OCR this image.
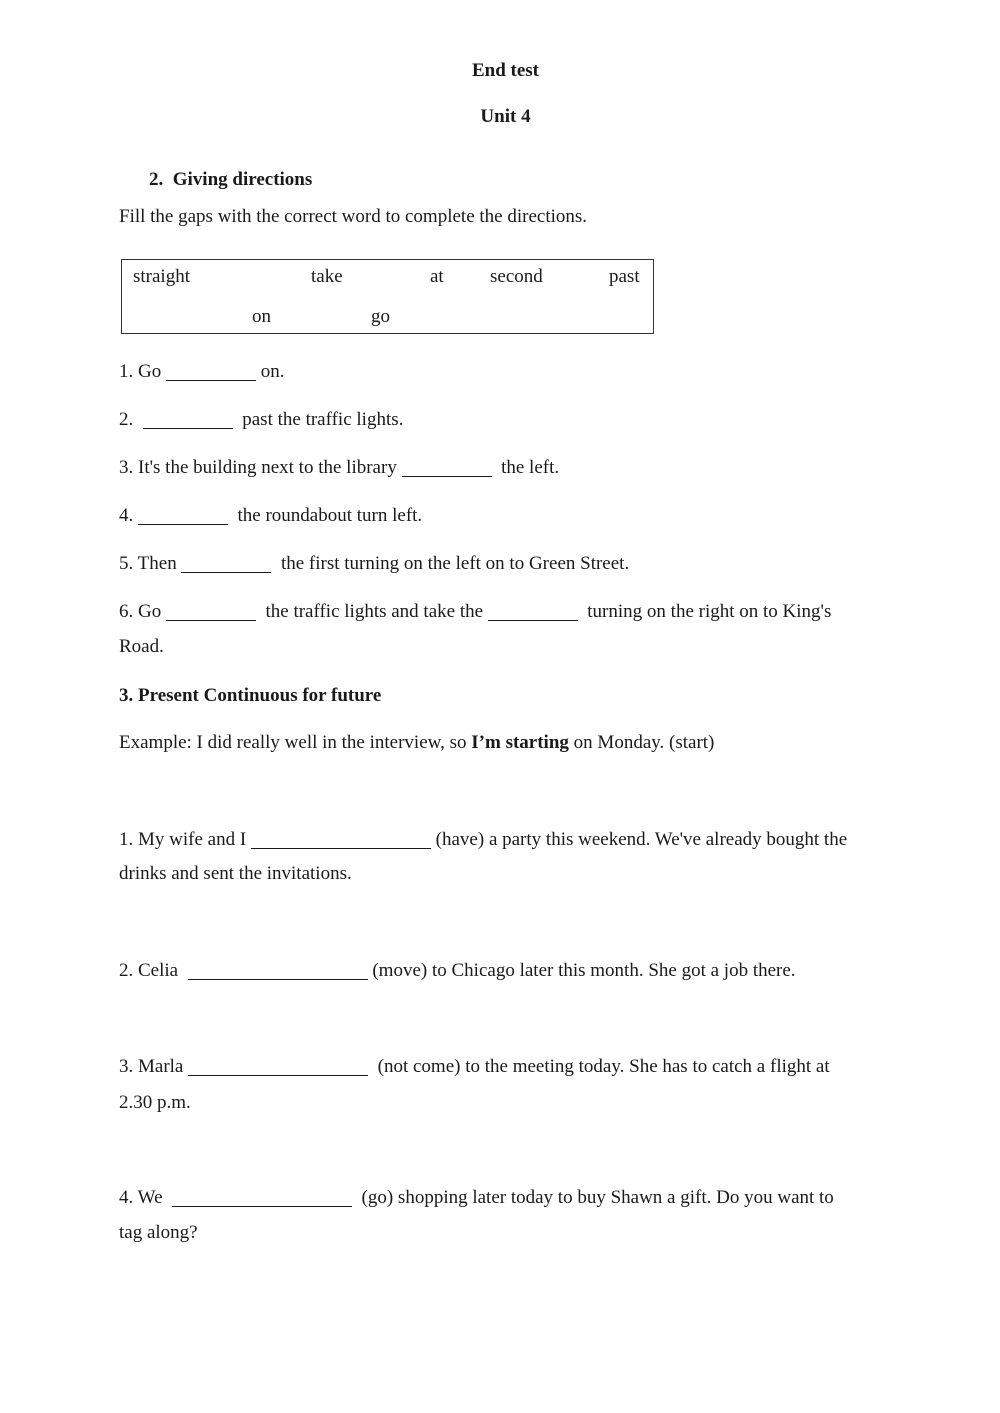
End test
Unit 4
2. Giving directions
Fill the gaps with the correct word to complete the directions.
straight	take	at second	past
on	go
1. Go	on.
2.	past the traffic lights.
3. It's the building next to the library	the left.
4.	the roundabout turn left.
5. Then	the first turning on the left on to Green Street.
6. Go	the traffic lights and take the	turning on the right on to King's
Road.
3. Present Continuous for future
Example: I did really well in the interview, so I’m starting on Monday. (start)
1. My wife and I	(have) a party this weekend. We've already bought the
drinks and sent the invitations.
2. Celia	(move) to Chicago later this month. She got a job there.
3. Marla	(not come) to the meeting today. She has to catch a flight at
2.30 p.m.
4. We	(go) shopping later today to buy Shawn a gift. Do you want to
tag along?
